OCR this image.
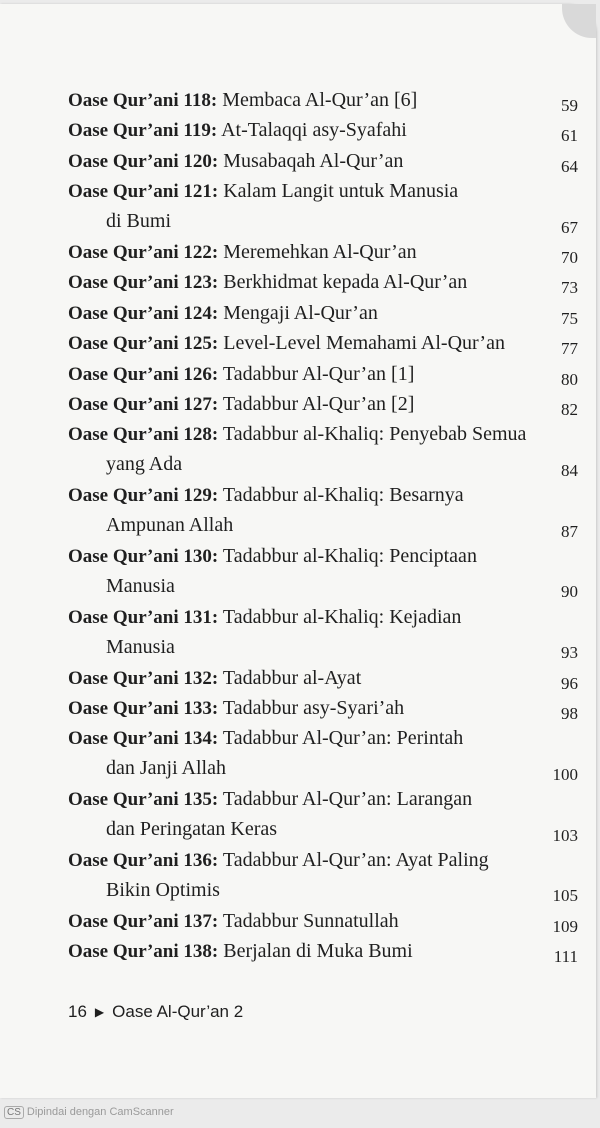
Oase Qur’ani 118: Membaca Al-Qur’an [6]	59
Oase Qur’ani 119: At-Talaqqi asy-Syafahi	61
Oase Qur’ani 120: Musabaqah Al-Qur’an	64
Oase Qur’ani 121: Kalam Langit untuk Manusia
di Bumi	67
Oase Qur’ani 122: Meremehkan Al-Qur’an	70
Oase Qur’ani 123: Berkhidmat kepada Al-Qur’an	73
Oase Qur’ani 124: Mengaji Al-Qur’an	75
Oase Qur’ani 125: Level-Level Memahami Al-Qur’an	77
Oase Qur’ani 126: Tadabbur Al-Qur’an [1]	80
Oase Qur’ani 127: Tadabbur Al-Qur’an [2]	82
Oase Qur’ani 128: Tadabbur al-Khaliq: Penyebab Semua
yang Ada	84
Oase Qur’ani 129: Tadabbur al-Khaliq: Besarnya
Ampunan Allah	87
Oase Qur’ani 130: Tadabbur al-Khaliq: Penciptaan
Manusia	90
Oase Qur’ani 131: Tadabbur al-Khaliq: Kejadian
Manusia	93
Oase Qur’ani 132: Tadabbur al-Ayat	96
Oase Qur’ani 133: Tadabbur asy-Syari’ah	98
Oase Qur’ani 134: Tadabbur Al-Qur’an: Perintah
dan Janji Allah	100
Oase Qur’ani 135: Tadabbur Al-Qur’an: Larangan
dan Peringatan Keras	103
Oase Qur’ani 136: Tadabbur Al-Qur’an: Ayat Paling
Bikin Optimis	105
Oase Qur’ani 137: Tadabbur Sunnatullah	109
Oase Qur’ani 138: Berjalan di Muka Bumi	111
16 ▶ Oase Al-Qur’an 2
CS Dipindai dengan CamScanner
